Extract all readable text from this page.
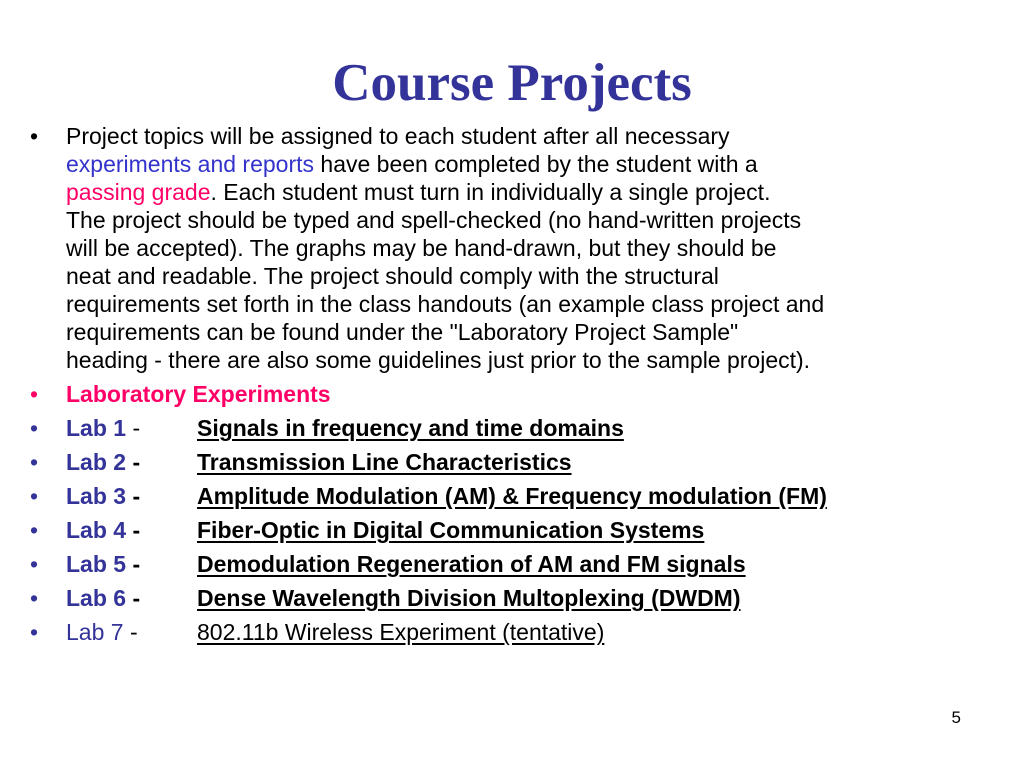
Course Projects
• Project topics will be assigned to each student after all necessary
experiments and reports have been completed by the student with a
passing grade. Each student must turn in individually a single project.
The project should be typed and spell-checked (no hand-written projects
will be accepted). The graphs may be hand-drawn, but they should be
neat and readable. The project should comply with the structural
requirements set forth in the class handouts (an example class project and
requirements can be found under the "Laboratory Project Sample"
heading - there are also some guidelines just prior to the sample project).
• Laboratory Experiments
• Lab 1 - Signals in frequency and time domains
• Lab 2 - Transmission Line Characteristics
• Lab 3 - Amplitude Modulation (AM) & Frequency modulation (FM)
• Lab 4 - Fiber-Optic in Digital Communication Systems
• Lab 5 - Demodulation Regeneration of AM and FM signals
• Lab 6 - Dense Wavelength Division Multoplexing (DWDM)
• Lab 7 -	802.11b Wireless Experiment (tentative)
5
